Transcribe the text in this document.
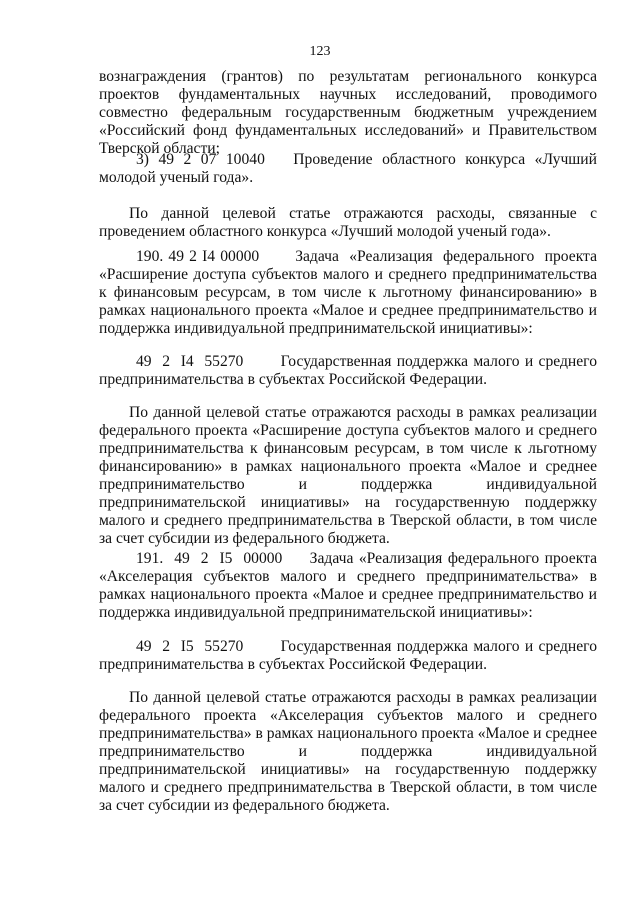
123

вознаграждения (грантов) по результатам регионального конкурса проектов фундаментальных научных исследований, проводимого совместно федеральным государственным бюджетным учреждением «Российский фонд фундаментальных исследований» и Правительством Тверской области;

3) 49 2 07 10040   Проведение областного конкурса «Лучший молодой ученый года».

По данной целевой статье отражаются расходы, связанные с проведением областного конкурса «Лучший молодой ученый года».

190. 49 2 I4 00000       Задача  «Реализация  федерального  проекта «Расширение доступа субъектов малого и среднего предпринимательства к финансовым ресурсам, в том числе к льготному финансированию» в рамках национального проекта «Малое и среднее предпринимательство и поддержка индивидуальной предпринимательской инициативы»:

49  2  I4  55270       Государственная поддержка малого и среднего предпринимательства в субъектах Российской Федерации.

По данной целевой статье отражаются расходы в рамках реализации федерального проекта «Расширение доступа субъектов малого и среднего предпринимательства к финансовым ресурсам, в том числе к льготному финансированию» в рамках национального проекта «Малое и среднее предпринимательство и поддержка индивидуальной предпринимательской инициативы» на государственную поддержку малого и среднего предпринимательства в Тверской области, в том числе за счет субсидии из федерального бюджета.

191.  49  2  I5  00000     Задача «Реализация федерального проекта «Акселерация субъектов малого и среднего предпринимательства» в рамках национального проекта «Малое и среднее предпринимательство и поддержка индивидуальной предпринимательской инициативы»:

49  2  I5  55270       Государственная поддержка малого и среднего предпринимательства в субъектах Российской Федерации.

По данной целевой статье отражаются расходы в рамках реализации федерального проекта «Акселерация субъектов малого и среднего предпринимательства» в рамках национального проекта «Малое и среднее предпринимательство и поддержка индивидуальной предпринимательской инициативы» на государственную поддержку малого и среднего предпринимательства в Тверской области, в том числе за счет субсидии из федерального бюджета.
